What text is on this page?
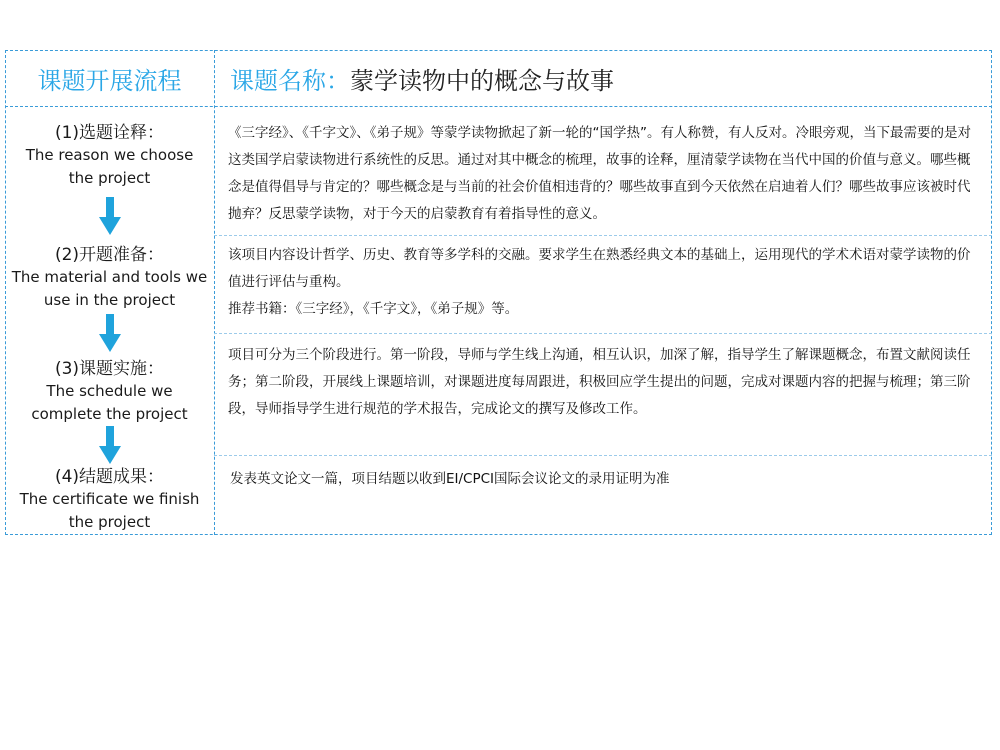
课题开展流程	课题名称： 蒙学读物中的概念与故事
(1)选题诠释：
The reason we choose
the project
(2)开题准备：
The material and tools we
use in the project
(3)课题实施：
The schedule we
complete the project
(4)结题成果：
The certificate we finish
the project

《三字经》、《千字文》、《弟子规》等蒙学读物掀起了新一轮的“国学热”。有人称赞，有人反对。冷眼旁观，当下最需要的是对这类国学启蒙读物进行系统性的反思。通过对其中概念的梳理，故事的诠释，厘清蒙学读物在当代中国的价值与意义。哪些概念是值得倡导与肯定的？哪些概念是与当前的社会价值相违背的？哪些故事直到今天依然在启迪着人们？哪些故事应该被时代抛弃？反思蒙学读物，对于今天的启蒙教育有着指导性的意义。

该项目内容设计哲学、历史、教育等多学科的交融。要求学生在熟悉经典文本的基础上，运用现代的学术术语对蒙学读物的价值进行评估与重构。

推荐书籍：《三字经》，《千字文》，《弟子规》等。

项目可分为三个阶段进行。第一阶段，导师与学生线上沟通，相互认识，加深了解，指导学生了解课题概念，布置文献阅读任务；第二阶段，开展线上课题培训，对课题进度每周跟进，积极回应学生提出的问题，完成对课题内容的把握与梳理；第三阶段，导师指导学生进行规范的学术报告，完成论文的撰写及修改工作。

发表英文论文一篇，项目结题以收到EI/CPCI国际会议论文的录用证明为准
